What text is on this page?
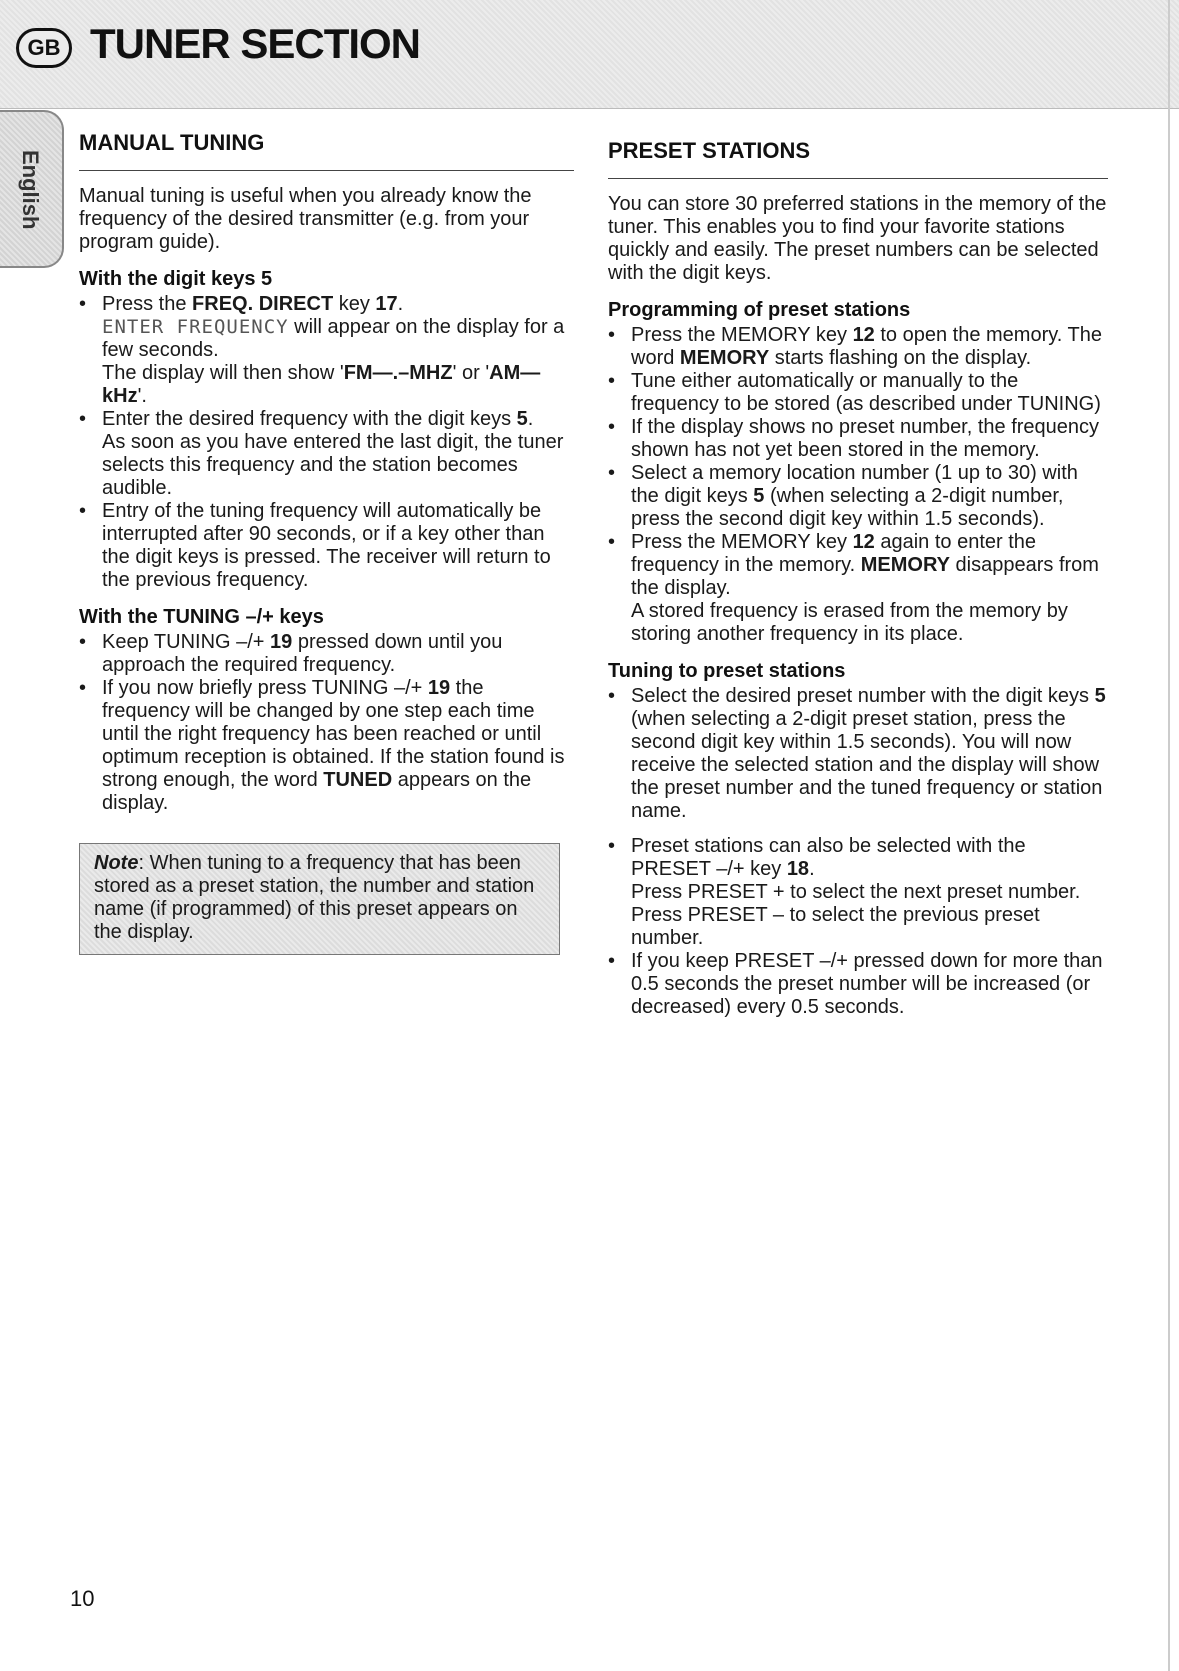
GB TUNER SECTION
English
MANUAL TUNING

Manual tuning is useful when you already know the frequency of the desired transmitter (e.g. from your program guide).

With the digit keys 5

• Press the FREQ. DIRECT key 17.

ENTER FREQUENCY will appear on the display for a few seconds.

The display will then show 'FM—.–MHZ' or 'AM—kHz'.

• Enter the desired frequency with the digit keys 5.

As soon as you have entered the last digit, the tuner selects this frequency and the station becomes audible.

• Entry of the tuning frequency will automatically be interrupted after 90 seconds, or if a key other than the digit keys is pressed. The receiver will return to the previous frequency.

With the TUNING –/+ keys

• Keep TUNING –/+ 19 pressed down until you approach the required frequency.

• If you now briefly press TUNING –/+ 19 the frequency will be changed by one step each time until the right frequency has been reached or until optimum reception is obtained. If the station found is strong enough, the word TUNED appears on the display.

Note: When tuning to a frequency that has been stored as a preset station, the number and station name (if programmed) of this preset appears on the display.
PRESET STATIONS

You can store 30 preferred stations in the memory of the tuner. This enables you to find your favorite stations quickly and easily. The preset numbers can be selected with the digit keys.

Programming of preset stations

• Press the MEMORY key 12 to open the memory. The word MEMORY starts flashing on the display.

• Tune either automatically or manually to the frequency to be stored (as described under TUNING)

• If the display shows no preset number, the frequency shown has not yet been stored in the memory.

• Select a memory location number (1 up to 30) with the digit keys 5 (when selecting a 2-digit number, press the second digit key within 1.5 seconds).

• Press the MEMORY key 12 again to enter the frequency in the memory. MEMORY disappears from the display.

A stored frequency is erased from the memory by storing another frequency in its place.

Tuning to preset stations

• Select the desired preset number with the digit keys 5 (when selecting a 2-digit preset station, press the second digit key within 1.5 seconds). You will now receive the selected station and the display will show the preset number and the tuned frequency or station name.

• Preset stations can also be selected with the PRESET –/+ key 18.

Press PRESET + to select the next preset number.

Press PRESET – to select the previous preset number.

• If you keep PRESET –/+ pressed down for more than 0.5 seconds the preset number will be increased (or decreased) every 0.5 seconds.

10
